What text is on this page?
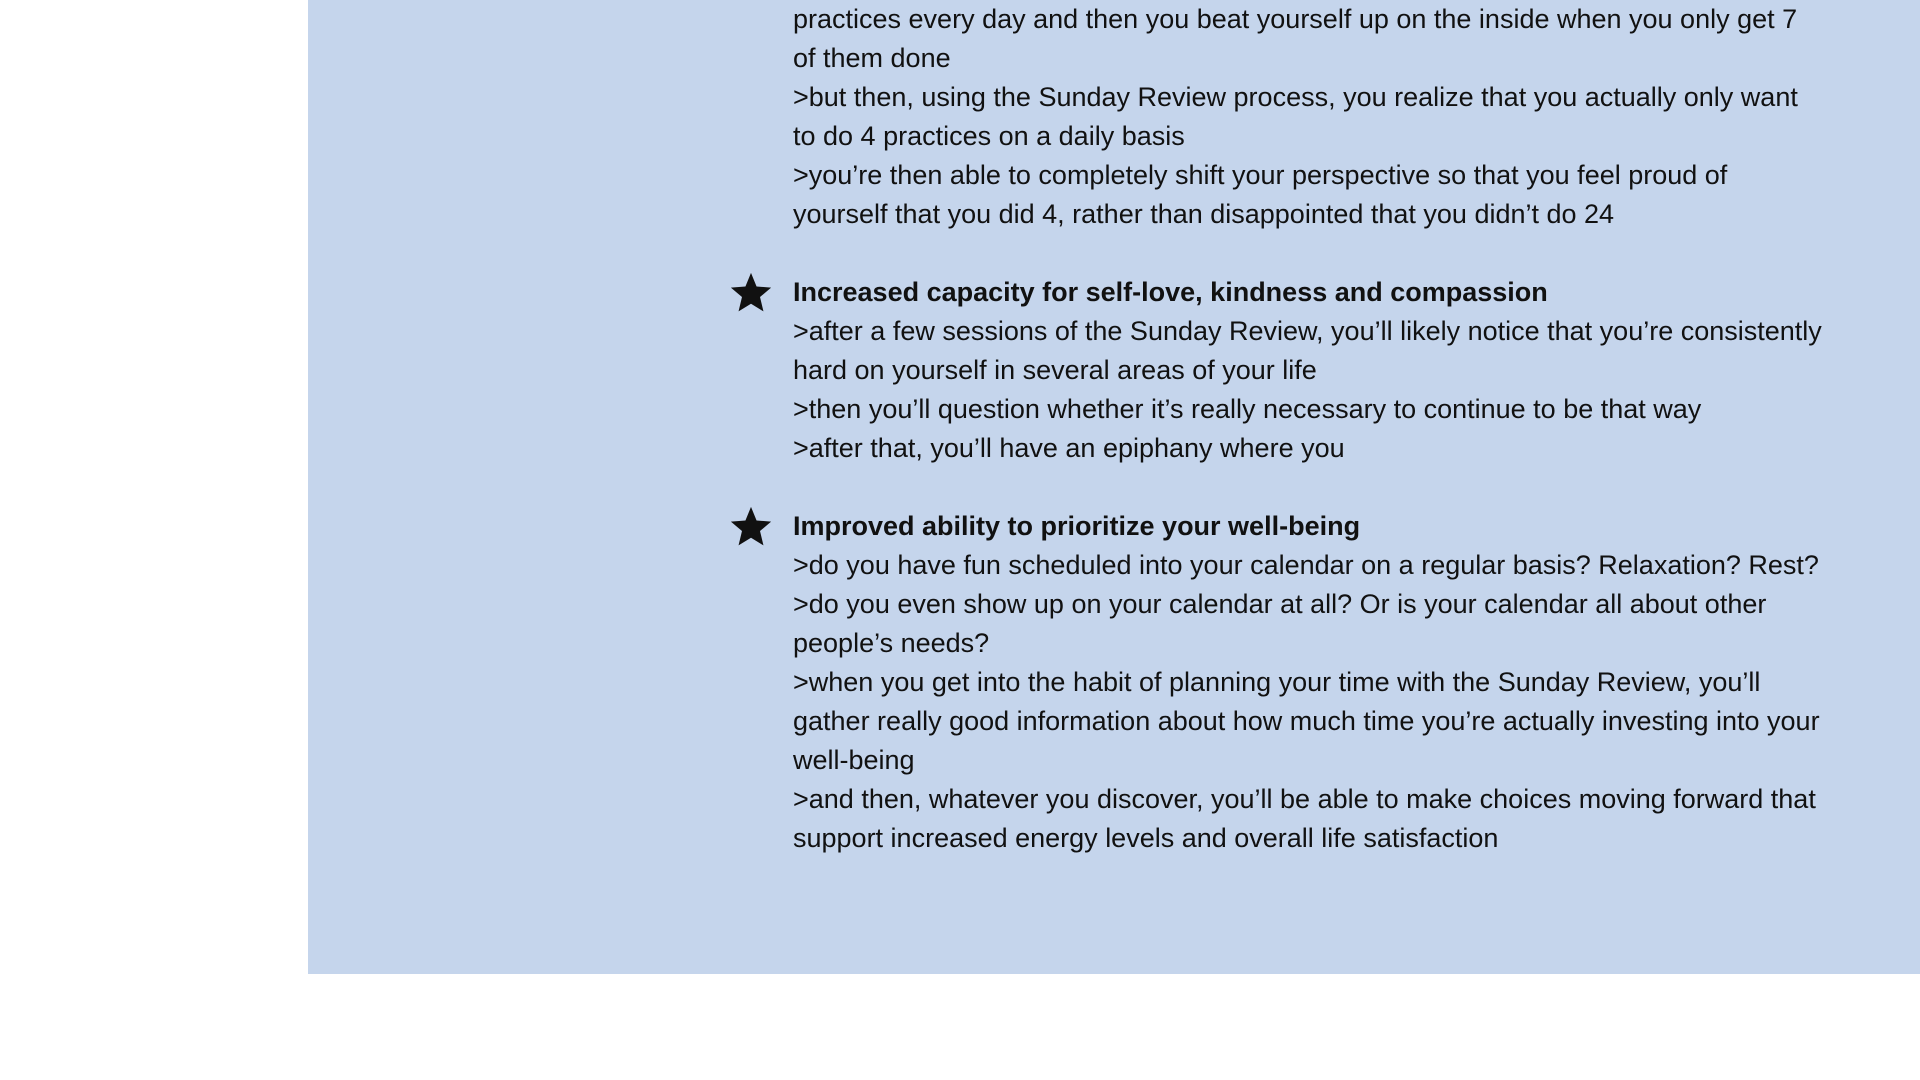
practices every day and then you beat yourself up on the inside when you only get 7 of them done
>but then, using the Sunday Review process, you realize that you actually only want to do 4 practices on a daily basis
>you’re then able to completely shift your perspective so that you feel proud of yourself that you did 4, rather than disappointed that you didn’t do 24
Increased capacity for self-love, kindness and compassion
>after a few sessions of the Sunday Review, you’ll likely notice that you’re consistently hard on yourself in several areas of your life
>then you’ll question whether it’s really necessary to continue to be that way
>after that, you’ll have an epiphany where you
Improved ability to prioritize your well-being
>do you have fun scheduled into your calendar on a regular basis? Relaxation? Rest?
>do you even show up on your calendar at all? Or is your calendar all about other people’s needs?
>when you get into the habit of planning your time with the Sunday Review, you’ll gather really good information about how much time you’re actually investing into your well-being
>and then, whatever you discover, you’ll be able to make choices moving forward that support increased energy levels and overall life satisfaction
